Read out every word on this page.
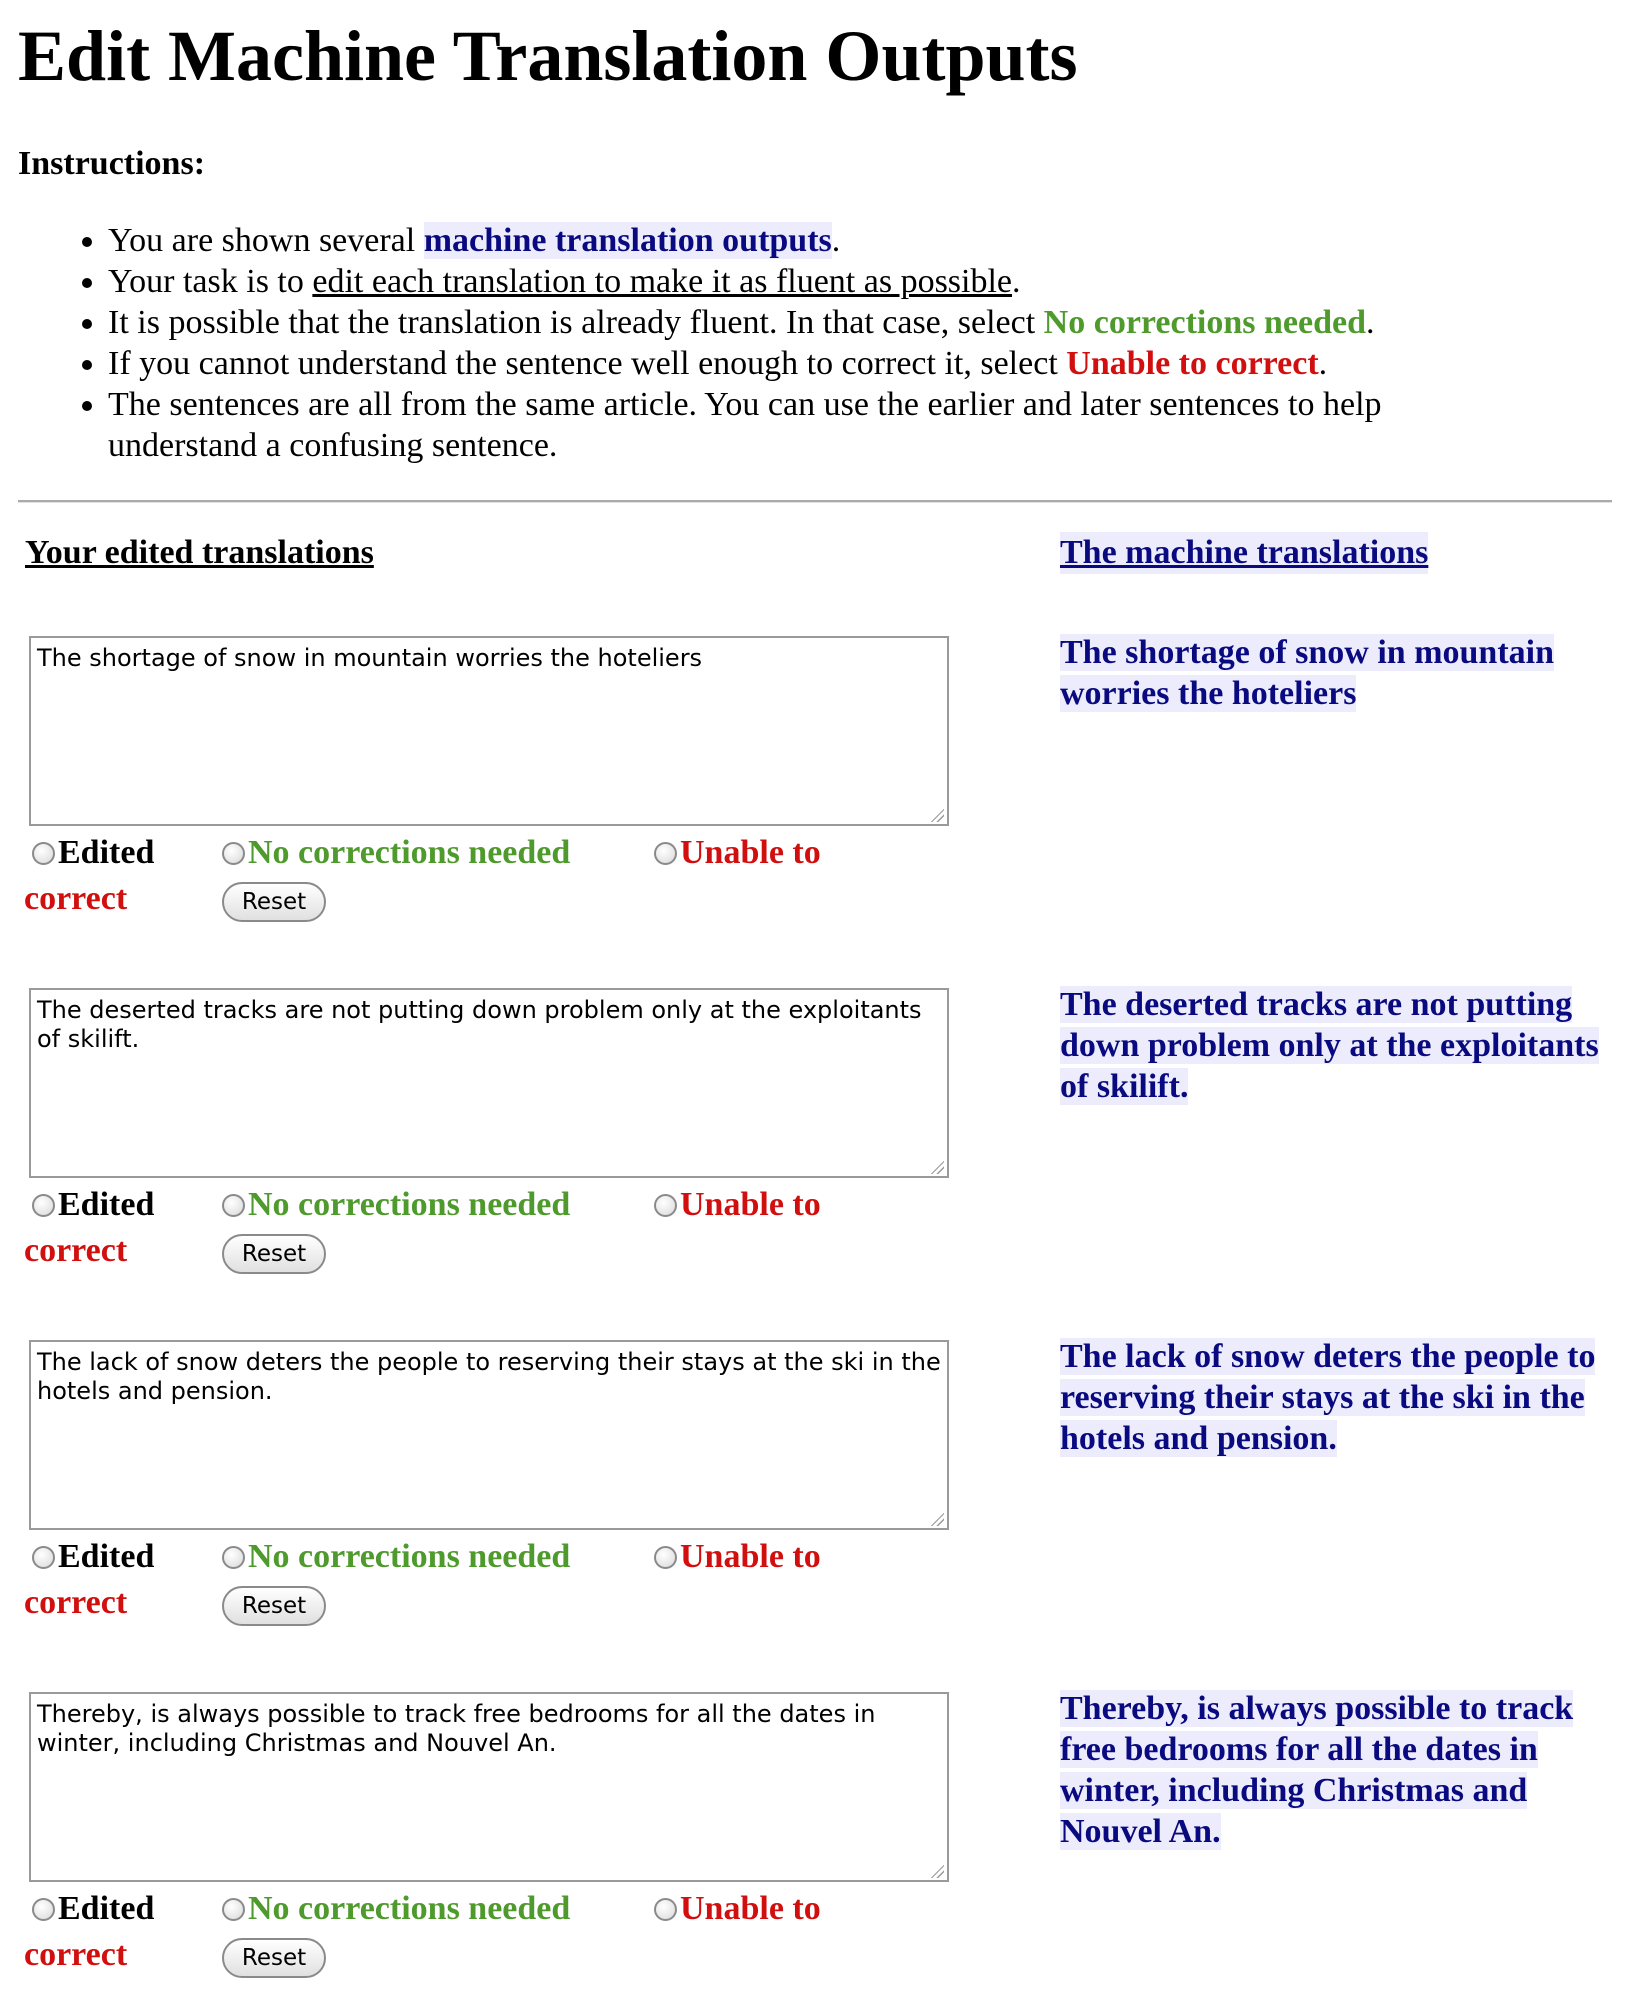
Edit Machine Translation Outputs
Instructions:
• You are shown several machine translation outputs.
• Your task is to edit each translation to make it as fluent as possible.
• It is possible that the translation is already fluent. In that case, select No corrections needed.
• If you cannot understand the sentence well enough to correct it, select Unable to correct.
• The sentences are all from the same article. You can use the earlier and later sentences to help understand a confusing sentence.
Your edited translations	The machine translations
The shortage of snow in mountain worries the hoteliers
Edited	No corrections needed	Unable to
correct	Reset

The shortage of snow in mountain worries the hoteliers

The deserted tracks are not putting down problem only at the exploitants of skilift.
Edited	No corrections needed	Unable to
correct	Reset

The deserted tracks are not putting down problem only at the exploitants of skilift.

The lack of snow deters the people to reserving their stays at the ski in the hotels and pension.
Edited	No corrections needed	Unable to
correct	Reset

The lack of snow deters the people to reserving their stays at the ski in the hotels and pension.

Thereby, is always possible to track free bedrooms for all the dates in winter, including Christmas and Nouvel An.
Edited	No corrections needed	Unable to
correct	Reset

Thereby, is always possible to track free bedrooms for all the dates in winter, including Christmas and Nouvel An.
